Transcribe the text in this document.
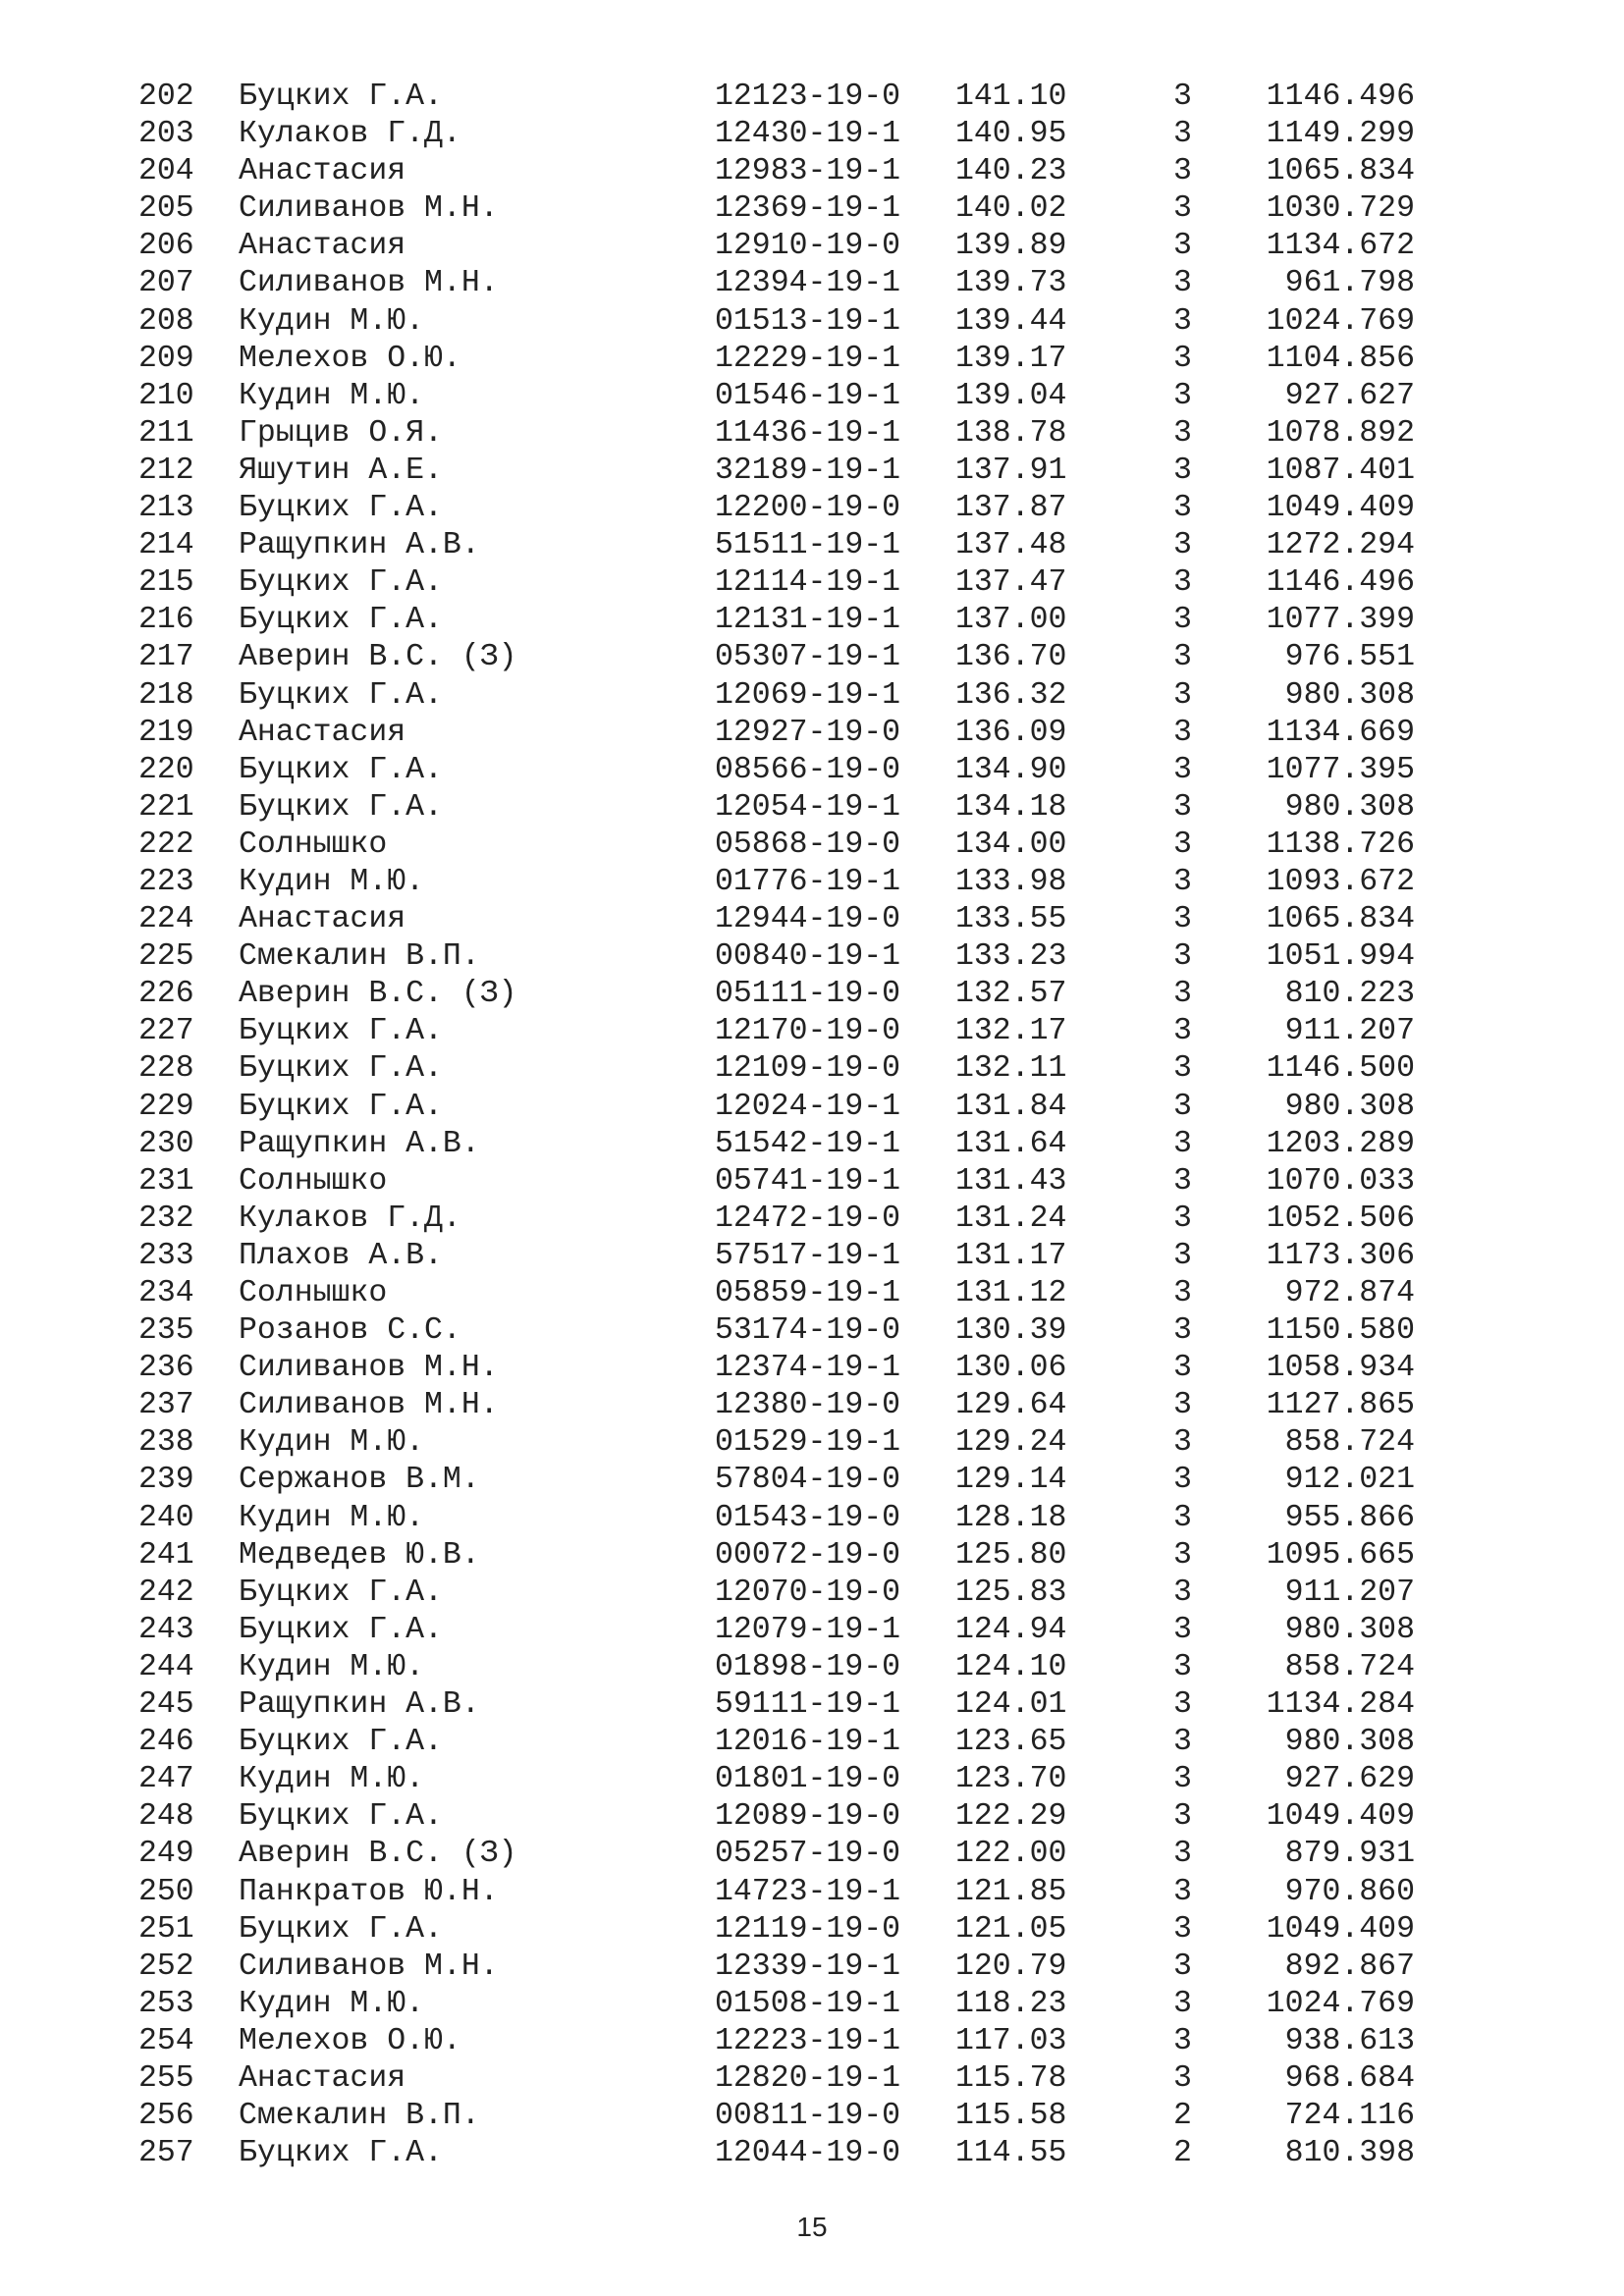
202 Буцких Г.А.	12123-19-0 141.10	3 1146.496
203 Кулаков Г.Д.	12430-19-1 140.95	3 1149.299
204 Анастасия	12983-19-1 140.23	3 1065.834
205 Силиванов М.Н.	12369-19-1 140.02	3 1030.729
206 Анастасия	12910-19-0 139.89	3 1134.672
207 Силиванов М.Н.	12394-19-1 139.73	3	961.798
208 Кудин М.Ю.	01513-19-1 139.44	3 1024.769
209 Мелехов О.Ю.	12229-19-1 139.17	3 1104.856
210 Кудин М.Ю.	01546-19-1 139.04	3	927.627
211 Грыцив О.Я.	11436-19-1 138.78	3 1078.892
212 Яшутин А.Е.	32189-19-1 137.91	3 1087.401
213 Буцких Г.А.	12200-19-0 137.87	3 1049.409
214 Ращупкин А.В.	51511-19-1 137.48	3 1272.294
215 Буцких Г.А.	12114-19-1 137.47	3 1146.496
216 Буцких Г.А.	12131-19-1 137.00	3 1077.399
217 Аверин В.С. (З)	05307-19-1 136.70	3	976.551
218 Буцких Г.А.	12069-19-1 136.32	3	980.308
219 Анастасия	12927-19-0 136.09	3 1134.669
220 Буцких Г.А.	08566-19-0 134.90	3 1077.395
221 Буцких Г.А.	12054-19-1 134.18	3	980.308
222 Солнышко	05868-19-0 134.00	3 1138.726
223 Кудин М.Ю.	01776-19-1 133.98	3 1093.672
224 Анастасия	12944-19-0 133.55	3 1065.834
225 Смекалин В.П.	00840-19-1 133.23	3 1051.994
226 Аверин В.С. (З)	05111-19-0 132.57	3	810.223
227 Буцких Г.А.	12170-19-0 132.17	3	911.207
228 Буцких Г.А.	12109-19-0 132.11	3 1146.500
229 Буцких Г.А.	12024-19-1 131.84	3	980.308
230 Ращупкин А.В.	51542-19-1 131.64	3 1203.289
231 Солнышко	05741-19-1 131.43	3 1070.033
232 Кулаков Г.Д.	12472-19-0 131.24	3 1052.506
233 Плахов А.В.	57517-19-1 131.17	3 1173.306
234 Солнышко	05859-19-1 131.12	3	972.874
235 Розанов С.С.	53174-19-0 130.39	3 1150.580
236 Силиванов М.Н.	12374-19-1 130.06	3 1058.934
237 Силиванов М.Н.	12380-19-0 129.64	3 1127.865
238 Кудин М.Ю.	01529-19-1 129.24	3	858.724
239 Сержанов В.М.	57804-19-0 129.14	3	912.021
240 Кудин М.Ю.	01543-19-0 128.18	3	955.866
241 Медведев Ю.В.	00072-19-0 125.80	3 1095.665
242 Буцких Г.А.	12070-19-0 125.83	3	911.207
243 Буцких Г.А.	12079-19-1 124.94	3	980.308
244 Кудин М.Ю.	01898-19-0 124.10	3	858.724
245 Ращупкин А.В.	59111-19-1 124.01	3 1134.284
246 Буцких Г.А.	12016-19-1 123.65	3	980.308
247 Кудин М.Ю.	01801-19-0 123.70	3	927.629
248 Буцких Г.А.	12089-19-0 122.29	3 1049.409
249 Аверин В.С. (З)	05257-19-0 122.00	3	879.931
250 Панкратов Ю.Н.	14723-19-1 121.85	3	970.860
251 Буцких Г.А.	12119-19-0 121.05	3 1049.409
252 Силиванов М.Н.	12339-19-1 120.79	3	892.867
253 Кудин М.Ю.	01508-19-1 118.23	3 1024.769
254 Мелехов О.Ю.	12223-19-1 117.03	3	938.613
255 Анастасия	12820-19-1 115.78	3	968.684
256 Смекалин В.П.	00811-19-0 115.58	2	724.116
257 Буцких Г.А.	12044-19-0 114.55	2	810.398
15
